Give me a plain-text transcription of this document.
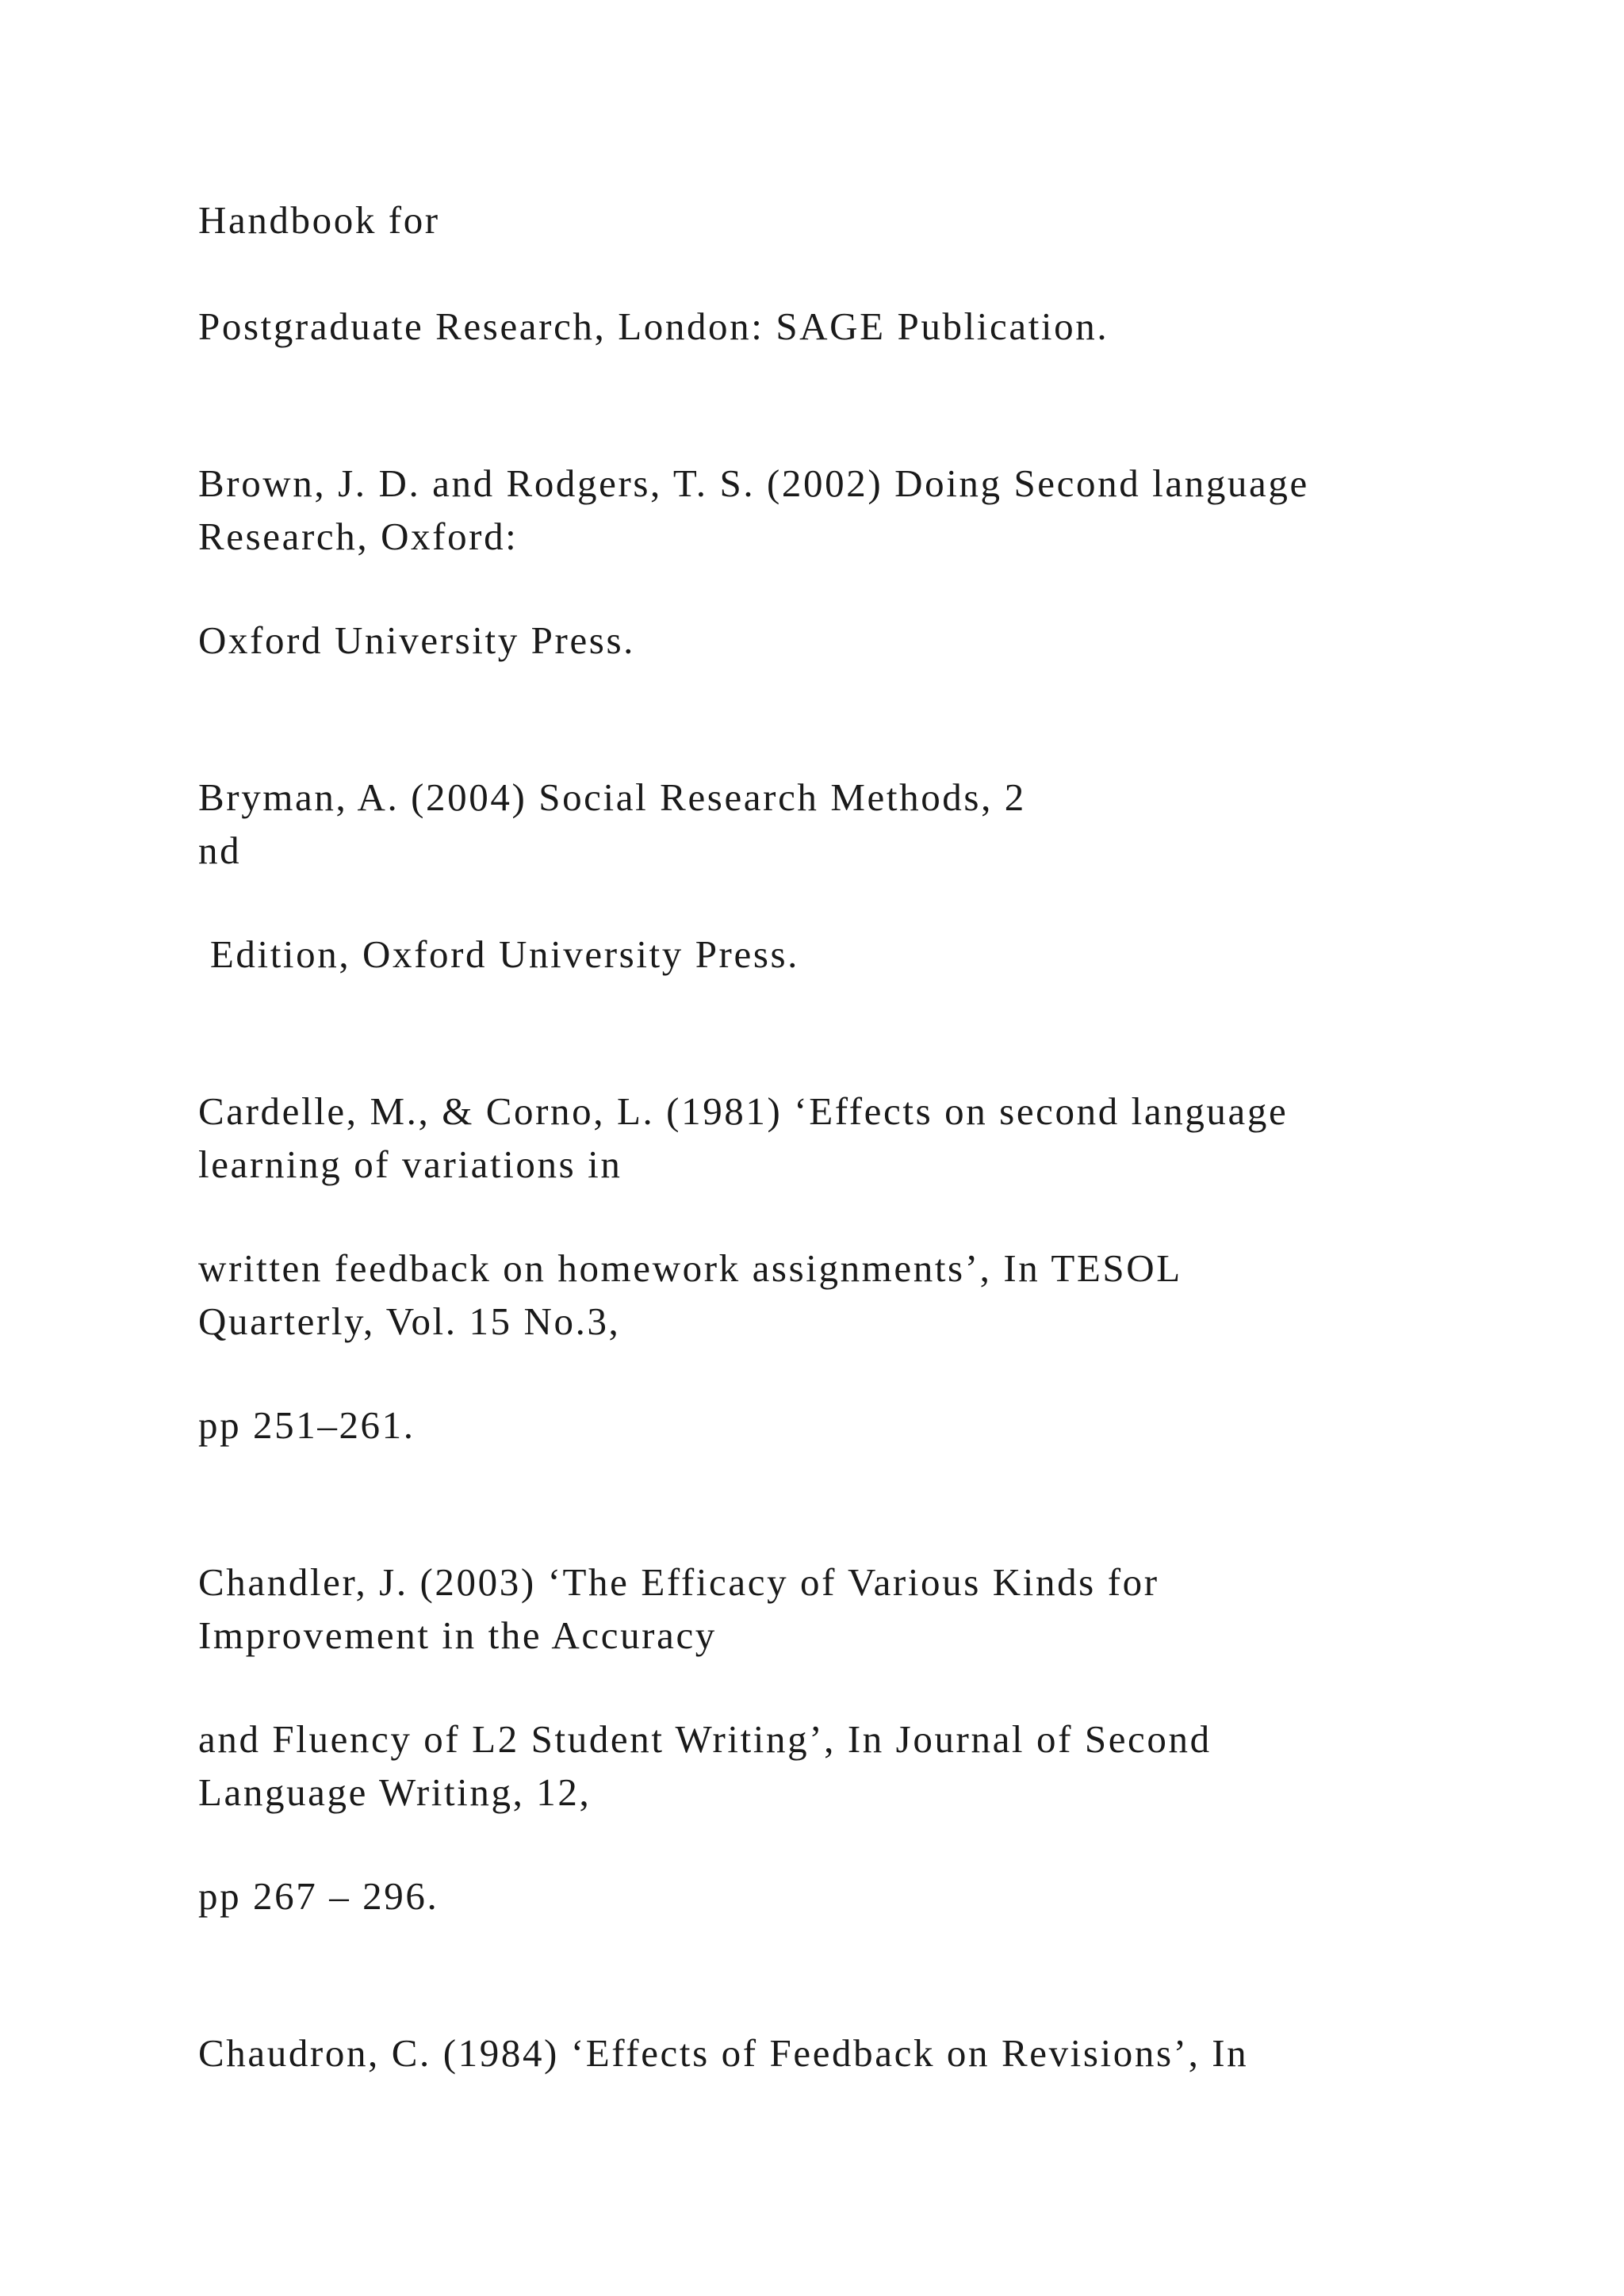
Handbook for
Postgraduate Research, London: SAGE Publication.
Brown, J. D. and Rodgers, T. S. (2002) Doing Second language
Research, Oxford:
Oxford University Press.
Bryman, A. (2004) Social Research Methods, 2
nd
Edition, Oxford University Press.
Cardelle, M., & Corno, L. (1981) ‘Effects on second language
learning of variations in
written feedback on homework assignments’, In TESOL
Quarterly, Vol. 15 No.3,
pp 251–261.
Chandler, J. (2003) ‘The Efficacy of Various Kinds for
Improvement in the Accuracy
and Fluency of L2 Student Writing’, In Journal of Second
Language Writing, 12,
pp 267 – 296.
Chaudron, C. (1984) ‘Effects of Feedback on Revisions’, In
